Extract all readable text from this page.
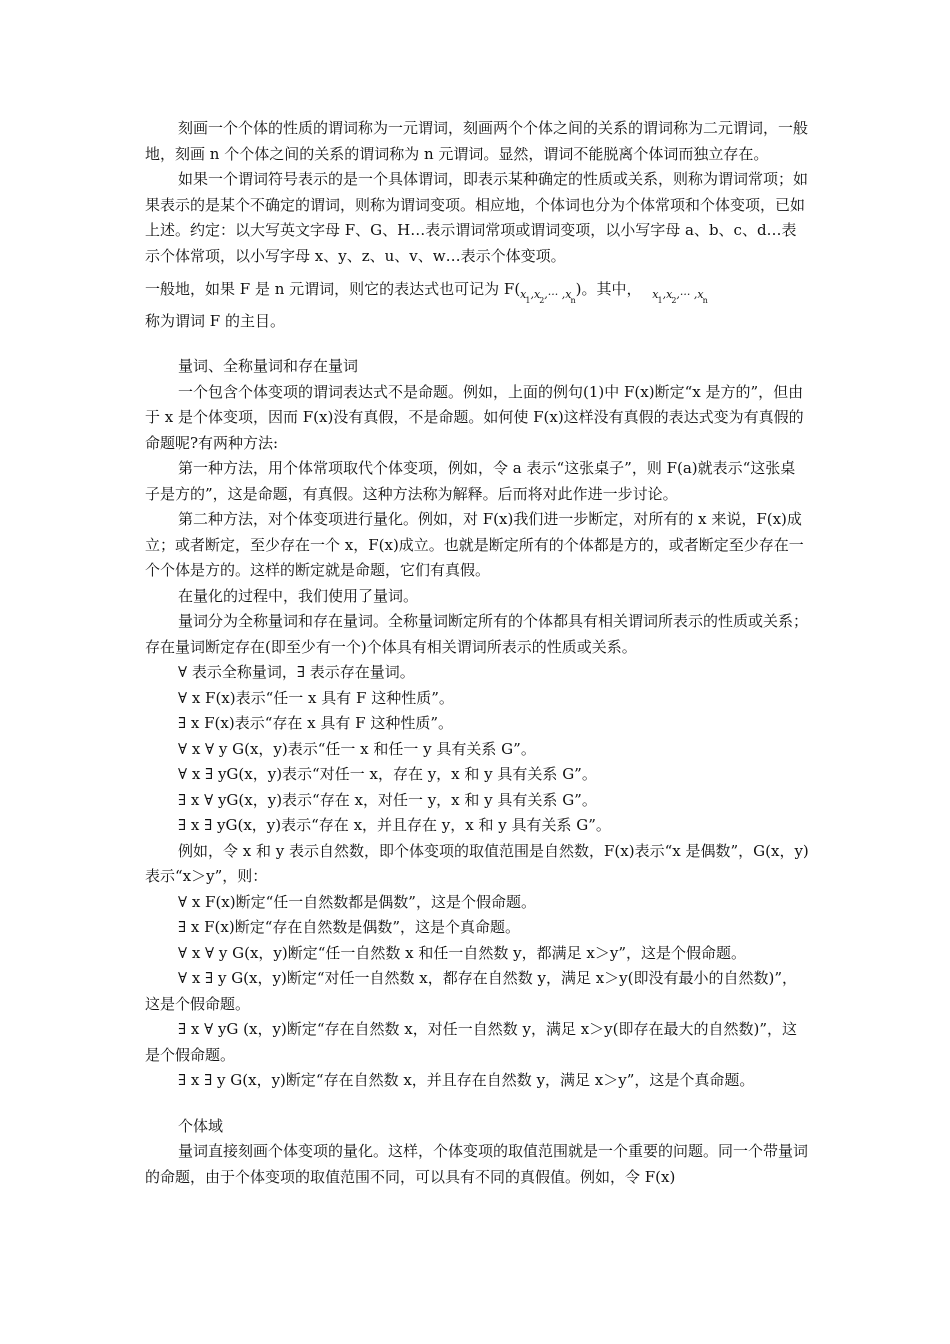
刻画一个个体的性质的谓词称为一元谓词，刻画两个个体之间的关系的谓词称为二元谓词，一般地，刻画 n 个个体之间的关系的谓词称为 n 元谓词。显然，谓词不能脱离个体词而独立存在。

如果一个谓词符号表示的是一个具体谓词，即表示某种确定的性质或关系，则称为谓词常项；如果表示的是某个不确定的谓词，则称为谓词变项。相应地，个体词也分为个体常项和个体变项，已如上述。约定：以大写英文字母 F、G、H…表示谓词常项或谓词变项，以小写字母 a、b、c、d…表示个体常项，以小写字母 x、y、z、u、v、w…表示个体变项。

一般地，如果 F 是 n 元谓词，则它的表达式也可记为 $F(_{x1,x2,\cdot\cdot\cdot ,xn})$。其中， $_{x1,x2,\cdot\cdot\cdot ,xn}$

称为谓词 F 的主目。

量词、全称量词和存在量词

一个包含个体变项的谓词表达式不是命题。例如，上面的例句(1)中 F(x)断定“x 是方的”，但由于 x 是个体变项，因而 F(x)没有真假，不是命题。如何使 F(x)这样没有真假的表达式变为有真假的命题呢?有两种方法:

第一种方法，用个体常项取代个体变项，例如，令 a 表示“这张桌子”，则 F(a)就表示“这张桌子是方的”，这是命题，有真假。这种方法称为解释。后而将对此作进一步讨论。

第二种方法，对个体变项进行量化。例如，对 F(x)我们进一步断定，对所有的 x 来说，F(x)成立；或者断定，至少存在一个 x，F(x)成立。也就是断定所有的个体都是方的，或者断定至少存在一个个体是方的。这样的断定就是命题，它们有真假。

在量化的过程中，我们使用了量词。

量词分为全称量词和存在量词。全称量词断定所有的个体都具有相关谓词所表示的性质或关系；存在量词断定存在(即至少有一个)个体具有相关谓词所表示的性质或关系。

∀ 表示全称量词，∃ 表示存在量词。

∀ x F(x)表示“任一 x 具有 F 这种性质”。

∃ x F(x)表示“存在 x 具有 F 这种性质”。

∀ x ∀ y G(x，y)表示“任一 x 和任一 y 具有关系 G”。

∀ x ∃ yG(x，y)表示“对任一 x，存在 y，x 和 y 具有关系 G”。

∃ x ∀ yG(x，y)表示“存在 x，对任一 y，x 和 y 具有关系 G”。

∃ x ∃ yG(x，y)表示“存在 x，并且存在 y，x 和 y 具有关系 G”。

例如，令 x 和 y 表示自然数，即个体变项的取值范围是自然数，F(x)表示“x 是偶数”，G(x，y)表示“x＞y”，则：

∀ x F(x)断定“任一自然数都是偶数”，这是个假命题。

∃ x F(x)断定“存在自然数是偶数”，这是个真命题。

∀ x ∀ y G(x，y)断定“任一自然数 x 和任一自然数 y，都满足 x＞y”，这是个假命题。

∀ x ∃ y G(x，y)断定“对任一自然数 x，都存在自然数 y，满足 x＞y(即没有最小的自然数)”，这是个假命题。

∃ x ∀ yG (x，y)断定“存在自然数 x，对任一自然数 y，满足 x＞y(即存在最大的自然数)”，这是个假命题。

∃ x ∃ y G(x，y)断定“存在自然数 x，并且存在自然数 y，满足 x＞y”，这是个真命题。

个体域

量词直接刻画个体变项的量化。这样，个体变项的取值范围就是一个重要的问题。同一个带量词的命题，由于个体变项的取值范围不同，可以具有不同的真假值。例如，令 F(x)
